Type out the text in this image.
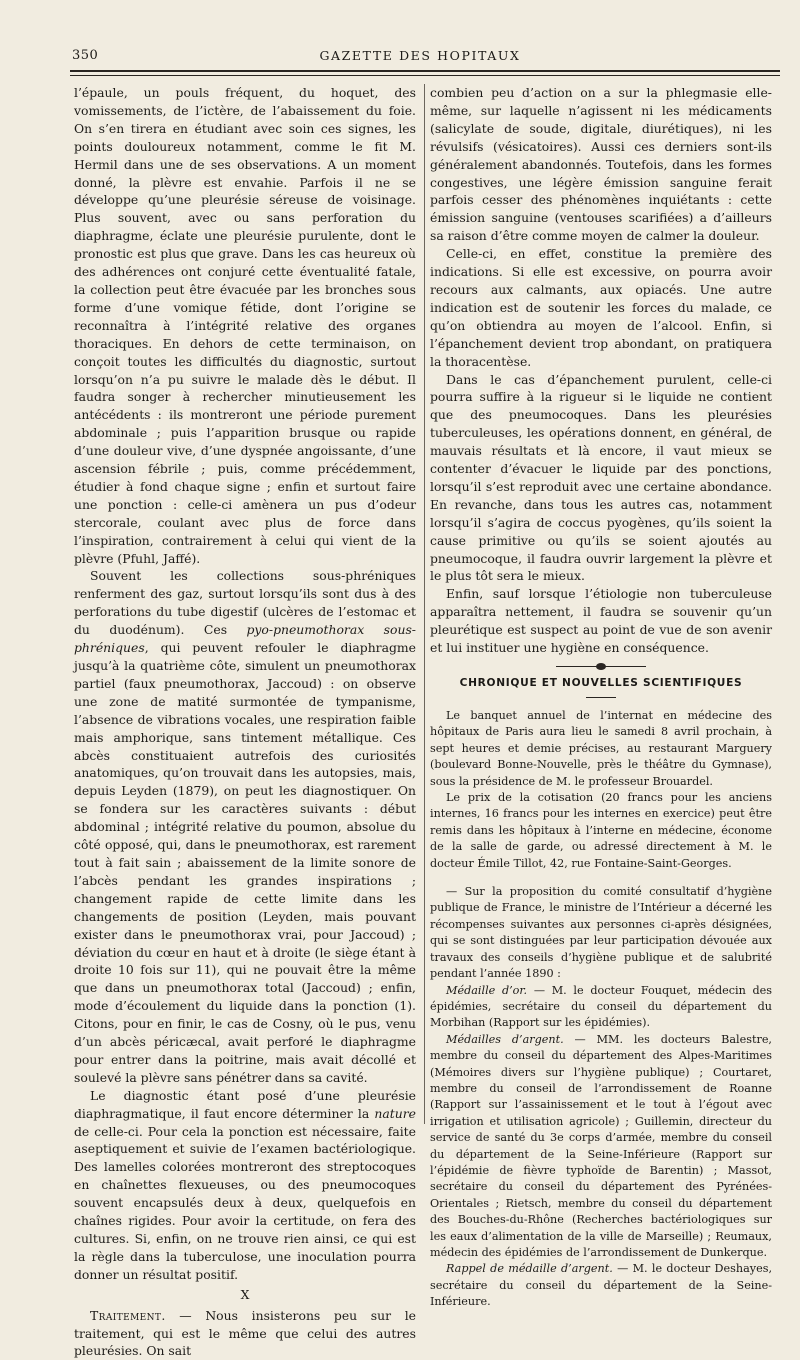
350	GAZETTE DES HOPITAUX

l’épaule, un pouls fréquent, du hoquet, des vomissements, de l’ictère, de l’abaissement du foie. On s’en tirera en étudiant avec soin ces signes, les points douloureux notamment, comme le fit M. Hermil dans une de ses observations. A un moment donné, la plèvre est envahie. Parfois il ne se développe qu’une pleurésie séreuse de voisinage. Plus souvent, avec ou sans perforation du diaphragme, éclate une pleurésie purulente, dont le pronostic est plus que grave. Dans les cas heureux où des adhérences ont conjuré cette éventualité fatale, la collection peut être évacuée par les bronches sous forme d’une vomique fétide, dont l’origine se reconnaîtra à l’intégrité relative des organes thoraciques. En dehors de cette terminaison, on conçoit toutes les difficultés du diagnostic, surtout lorsqu’on n’a pu suivre le malade dès le début. Il faudra songer à rechercher minutieusement les antécédents : ils montreront une période purement abdominale ; puis l’apparition brusque ou rapide d’une douleur vive, d’une dyspnée angoissante, d’une ascension fébrile ; puis, comme précédemment, étudier à fond chaque signe ; enfin et surtout faire une ponction : celle-ci amènera un pus d’odeur stercorale, coulant avec plus de force dans l’inspiration, contrairement à celui qui vient de la plèvre (Pfuhl, Jaffé).

Souvent les collections sous-phréniques renferment des gaz, surtout lorsqu’ils sont dus à des perforations du tube digestif (ulcères de l’estomac et du duodénum). Ces pyo-pneumothorax sous-phréniques, qui peuvent refouler le diaphragme jusqu’à la quatrième côte, simulent un pneumothorax partiel (faux pneumothorax, Jaccoud) : on observe une zone de matité surmontée de tympanisme, l’absence de vibrations vocales, une respiration faible mais amphorique, sans tintement métallique. Ces abcès constituaient autrefois des curiosités anatomiques, qu’on trouvait dans les autopsies, mais, depuis Leyden (1879), on peut les diagnostiquer. On se fondera sur les caractères suivants : début abdominal ; intégrité relative du poumon, absolue du côté opposé, qui, dans le pneumothorax, est rarement tout à fait sain ; abaissement de la limite sonore de l’abcès pendant les grandes inspirations ; changement rapide de cette limite dans les changements de position (Leyden, mais pouvant exister dans le pneumothorax vrai, pour Jaccoud) ; déviation du cœur en haut et à droite (le siège étant à droite 10 fois sur 11), qui ne pouvait être la même que dans un pneumothorax total (Jaccoud) ; enfin, mode d’écoulement du liquide dans la ponction (1). Citons, pour en finir, le cas de Cosny, où le pus, venu d’un abcès péricæcal, avait perforé le diaphragme pour entrer dans la poitrine, mais avait décollé et soulevé la plèvre sans pénétrer dans sa cavité.

Le diagnostic étant posé d’une pleurésie diaphragmatique, il faut encore déterminer la nature de celle-ci. Pour cela la ponction est nécessaire, faite aseptiquement et suivie de l’examen bactériologique. Des lamelles colorées montreront des streptocoques en chaînettes flexueuses, ou des pneumocoques souvent encapsulés deux à deux, quelquefois en chaînes rigides. Pour avoir la certitude, on fera des cultures. Si, enfin, on ne trouve rien ainsi, ce qui est la règle dans la tuberculose, une inoculation pourra donner un résultat positif.

X

Traitement. — Nous insisterons peu sur le traitement, qui est le même que celui des autres pleurésies. On sait

combien peu d’action on a sur la phlegmasie elle-même, sur laquelle n’agissent ni les médicaments (salicylate de soude, digitale, diurétiques), ni les révulsifs (vésicatoires). Aussi ces derniers sont-ils généralement abandonnés. Toutefois, dans les formes congestives, une légère émission sanguine ferait parfois cesser des phénomènes inquiétants : cette émission sanguine (ventouses scarifiées) a d’ailleurs sa raison d’être comme moyen de calmer la douleur.

Celle-ci, en effet, constitue la première des indications. Si elle est excessive, on pourra avoir recours aux calmants, aux opiacés. Une autre indication est de soutenir les forces du malade, ce qu’on obtiendra au moyen de l’alcool. Enfin, si l’épanchement devient trop abondant, on pratiquera la thoracentèse.

Dans le cas d’épanchement purulent, celle-ci pourra suffire à la rigueur si le liquide ne contient que des pneumocoques. Dans les pleurésies tuberculeuses, les opérations donnent, en général, de mauvais résultats et là encore, il vaut mieux se contenter d’évacuer le liquide par des ponctions, lorsqu’il s’est reproduit avec une certaine abondance. En revanche, dans tous les autres cas, notamment lorsqu’il s’agira de coccus pyogènes, qu’ils soient la cause primitive ou qu’ils se soient ajoutés au pneumocoque, il faudra ouvrir largement la plèvre et le plus tôt sera le mieux.

Enfin, sauf lorsque l’étiologie non tuberculeuse apparaîtra nettement, il faudra se souvenir qu’un pleurétique est suspect au point de vue de son avenir et lui instituer une hygiène en conséquence.

CHRONIQUE ET NOUVELLES SCIENTIFIQUES

Le banquet annuel de l’internat en médecine des hôpitaux de Paris aura lieu le samedi 8 avril prochain, à sept heures et demie précises, au restaurant Marguery (boulevard Bonne-Nouvelle, près le théâtre du Gymnase), sous la présidence de M. le professeur Brouardel.

Le prix de la cotisation (20 francs pour les anciens internes, 16 francs pour les internes en exercice) peut être remis dans les hôpitaux à l’interne en médecine, économe de la salle de garde, ou adressé directement à M. le docteur Émile Tillot, 42, rue Fontaine-Saint-Georges.

— Sur la proposition du comité consultatif d’hygiène publique de France, le ministre de l’Intérieur a décerné les récompenses suivantes aux personnes ci-après désignées, qui se sont distinguées par leur participation dévouée aux travaux des conseils d’hygiène publique et de salubrité pendant l’année 1890 :

Médaille d’or. — M. le docteur Fouquet, médecin des épidémies, secrétaire du conseil du département du Morbihan (Rapport sur les épidémies).

Médailles d’argent. — MM. les docteurs Balestre, membre du conseil du département des Alpes-Maritimes (Mémoires divers sur l’hygiène publique) ; Courtaret, membre du conseil de l’arrondissement de Roanne (Rapport sur l’assainissement et le tout à l’égout avec irrigation et utilisation agricole) ; Guillemin, directeur du service de santé du 3e corps d’armée, membre du conseil du département de la Seine-Inférieure (Rapport sur l’épidémie de fièvre typhoïde de Barentin) ; Massot, secrétaire du conseil du département des Pyrénées-Orientales ; Rietsch, membre du conseil du département des Bouches-du-Rhône (Recherches bactériologiques sur les eaux d’alimentation de la ville de Marseille) ; Reumaux, médecin des épidémies de l’arrondissement de Dunkerque.

Rappel de médaille d’argent. — M. le docteur Deshayes, secrétaire du conseil du département de la Seine-Inférieure.
